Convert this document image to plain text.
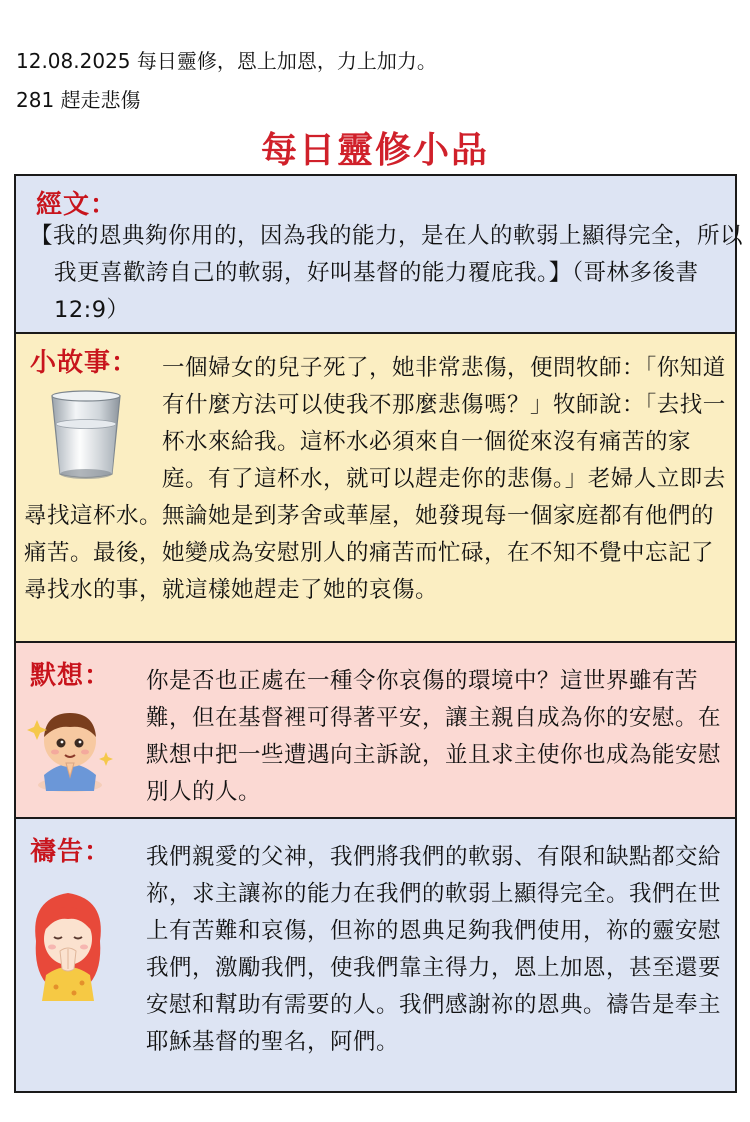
12.08.2025 每日靈修，恩上加恩，力上加力。
281 趕走悲傷
每日靈修小品
經文：
【我的恩典夠你用的，因為我的能力，是在人的軟弱上顯得完全，所以我更喜歡誇自己的軟弱，好叫基督的能力覆庇我。】（哥林多後書 12:9）
一個婦女的兒子死了，她非常悲傷，便問牧師：「你知道有什麼方法可以使我不那麼悲傷嗎？」牧師說：「去找一杯水來給我。這杯水必須來自一個從來沒有痛苦的家庭。有了這杯水，就可以趕走你的悲傷。」老婦人立即去尋找這杯水。無論她是到茅舍或華屋，她發現每一個家庭都有他們的痛苦。最後，她變成為安慰別人的痛苦而忙碌，在不知不覺中忘記了尋找水的事，就這樣她趕走了她的哀傷。
小故事：
默想： 你是否也正處在一種令你哀傷的環境中？這世界雖有苦難，但在基督裡可得著平安，讓主親自成為你的安慰。在默想中把一些遭遇向主訴說，並且求主使你也成為能安慰別人的人。
禱告： 我們親愛的父神，我們將我們的軟弱、有限和缺點都交給祢，求主讓祢的能力在我們的軟弱上顯得完全。我們在世上有苦難和哀傷，但祢的恩典足夠我們使用，祢的靈安慰我們，激勵我們，使我們靠主得力，恩上加恩，甚至還要安慰和幫助有需要的人。我們感謝祢的恩典。禱告是奉主耶穌基督的聖名，阿們。
